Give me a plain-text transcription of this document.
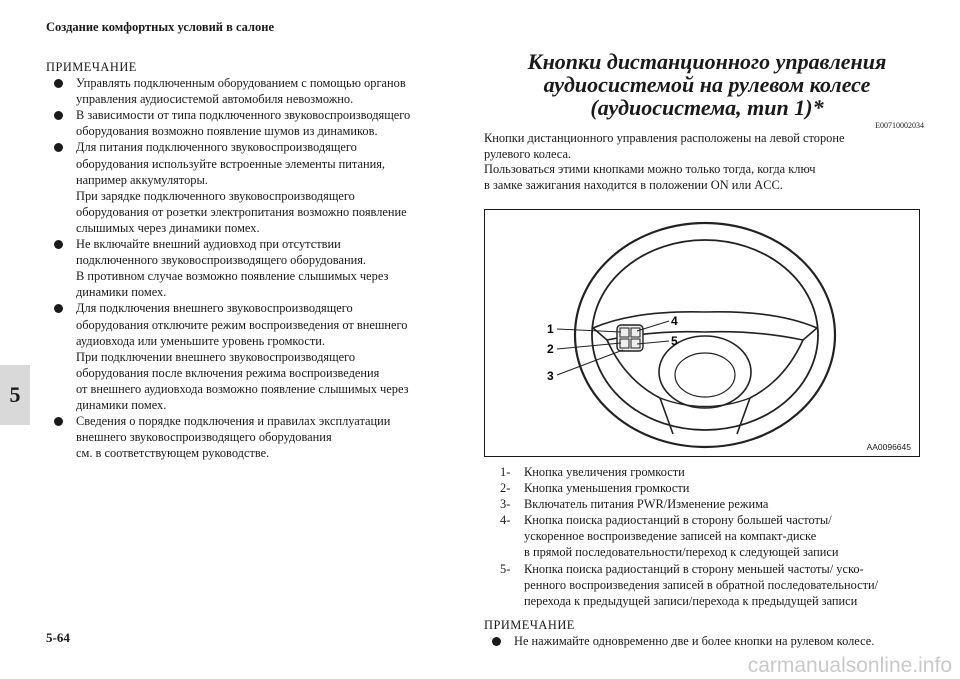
Создание комфортных условий в салоне
5
5-64
ПРИМЕЧАНИЕ
Управлять подключенным оборудованием с помощью органов
управления аудиосистемой автомобиля невозможно.
В зависимости от типа подключенного звуковоспроизводящего
оборудования возможно появление шумов из динамиков.
Для питания подключенного звуковоспроизводящего
оборудования используйте встроенные элементы питания,
например аккумуляторы.
При зарядке подключенного звуковоспроизводящего
оборудования от розетки электропитания возможно появление
слышимых через динамики помех.
Не включайте внешний аудиовход при отсутствии
подключенного звуковоспроизводящего оборудования.
В противном случае возможно появление слышимых через
динамики помех.
Для подключения внешнего звуковоспроизводящего
оборудования отключите режим воспроизведения от внешнего
аудиовхода или уменьшите уровень громкости.
При подключении внешнего звуковоспроизводящего
оборудования после включения режима воспроизведения
от внешнего аудиовхода возможно появление слышимых через
динамики помех.
Сведения о порядке подключения и правилах эксплуатации
внешнего звуковоспроизводящего оборудования
см. в соответствующем руководстве.
Кнопки дистанционного управления
аудиосистемой на рулевом колесе
(аудиосистема, тип 1)*
E00710002034
Кнопки дистанционного управления расположены на левой стороне
рулевого колеса.
Пользоваться этими кнопками можно только тогда, когда ключ
в замке зажигания находится в положении ON или ACC.
1
2
3
4
5
AA0096645
1-	Кнопка увеличения громкости
2-	Кнопка уменьшения громкости
3-	Включатель питания PWR/Изменение режима
4-	Кнопка поиска радиостанций в сторону большей частоты/
ускоренное воспроизведение записей на компакт-диске
в прямой последовательности/переход к следующей записи
5-	Кнопка поиска радиостанций в сторону меньшей частоты/ уско-
ренного воспроизведения записей в обратной последовательности/
перехода к предыдущей записи/перехода к предыдущей записи
ПРИМЕЧАНИЕ
Не нажимайте одновременно две и более кнопки на рулевом колесе.
carmanualsonline.info
